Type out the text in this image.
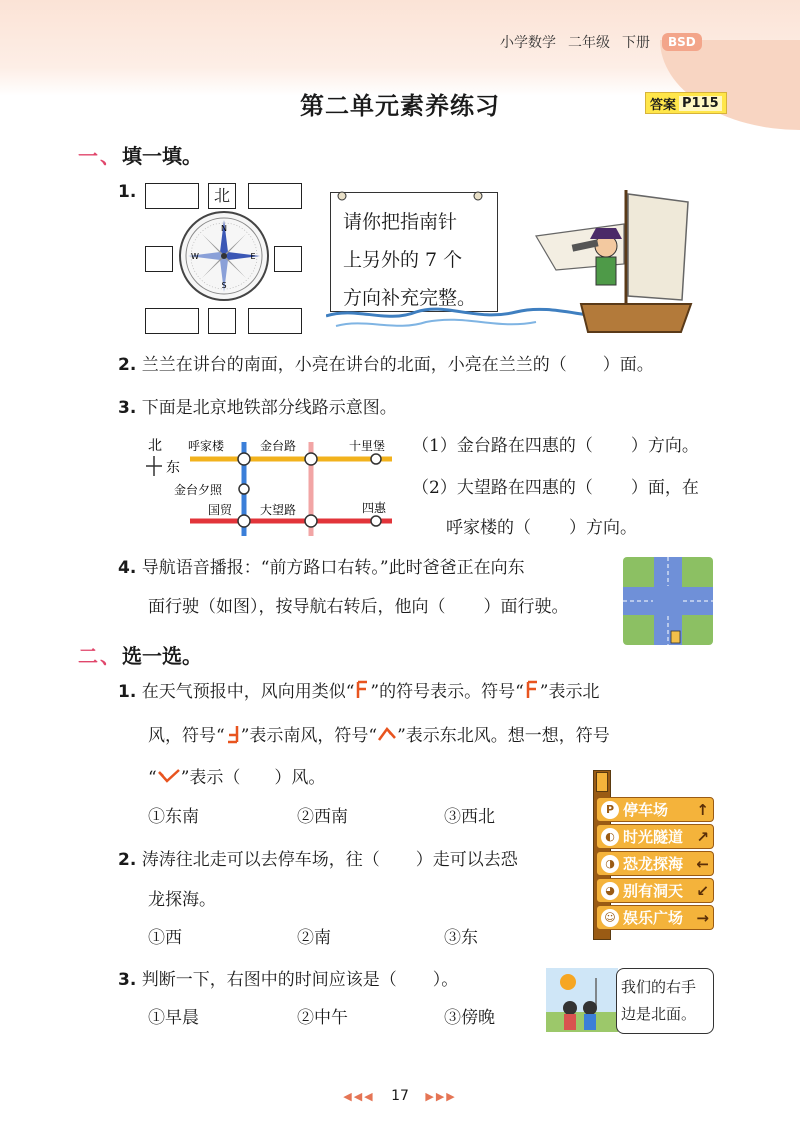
小学数学 二年级 下册	BSD
第二单元素养练习	答案 P115
一 、 填一填。
1.	北
N
S
E
W
请你把指南针
上另外的 7 个
方向补充完整。
2. 兰兰在讲台的南面，小亮在讲台的北面，小亮在兰兰的（ ）面。
3. 下面是北京地铁部分线路示意图。
北
东
呼家楼	金台路	十里堡
金台夕照
国贸 大望路	四惠
（1）金台路在四惠的（ ）方向。
（2）大望路在四惠的（ ）面，在
呼家楼的（ ）方向。
4. 导航语音播报：“前方路口右转。”此时爸爸正在向东
面行驶（如图），按导航右转后，他向（ ）面行驶。
二 、 选一选。
1. 在天气预报中，风向用类似“ ”的符号表示。符号“ ”表示北
风，符号“ ”表示南风，符号“ ”表示东北风。想一想，符号
“ ”表示（ ）风。
①东南	②西南	③西北	P 停车场 ↑
◐ 时光隧道 ↗
◑ 恐龙探海 ←
◕ 别有洞天 ↙
☺ 娱乐广场 →
2. 涛涛往北走可以去停车场，往（ ）走可以去恐
龙探海。
①西	②南	③东
3. 判断一下，右图中的时间应该是（ ）。
①早晨	②中午	③傍晚
我们的右手
边是北面。
◀◀◀ 17 ▶▶▶
